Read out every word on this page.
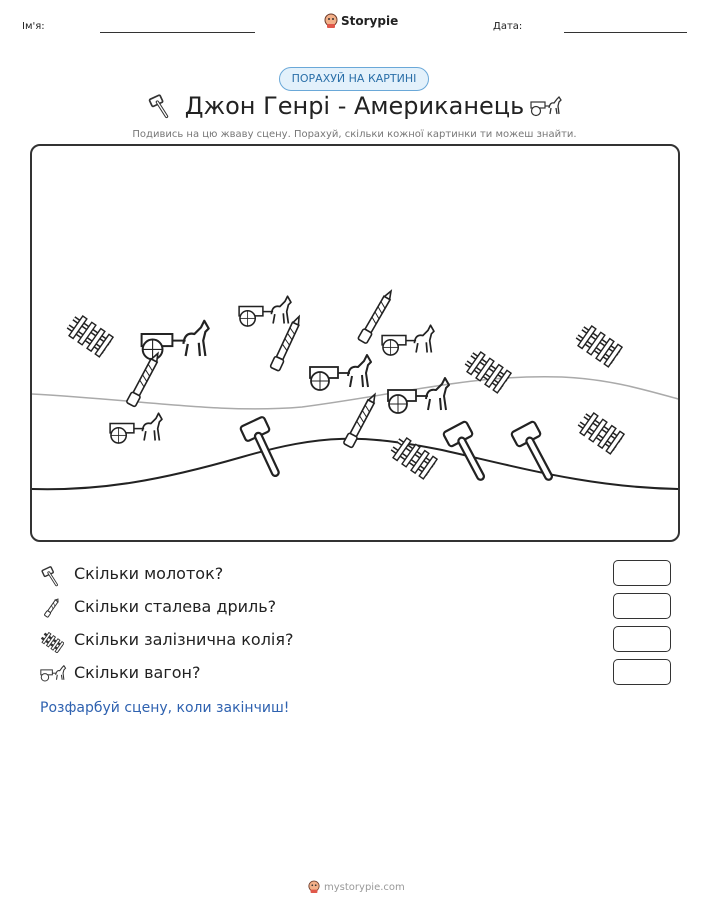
Ім'я:	Storypie	Дата:
ПОРАХУЙ НА КАРТИНІ
Джон Генрі - Американець
Подивись на цю жваву сцену. Порахуй, скільки кожної картинки ти можеш знайти.
Скільки молоток?
Скільки сталева дриль?
Скільки залізнична колія?
Скільки вагон?
Розфарбуй сцену, коли закінчиш!
mystorypie.com
